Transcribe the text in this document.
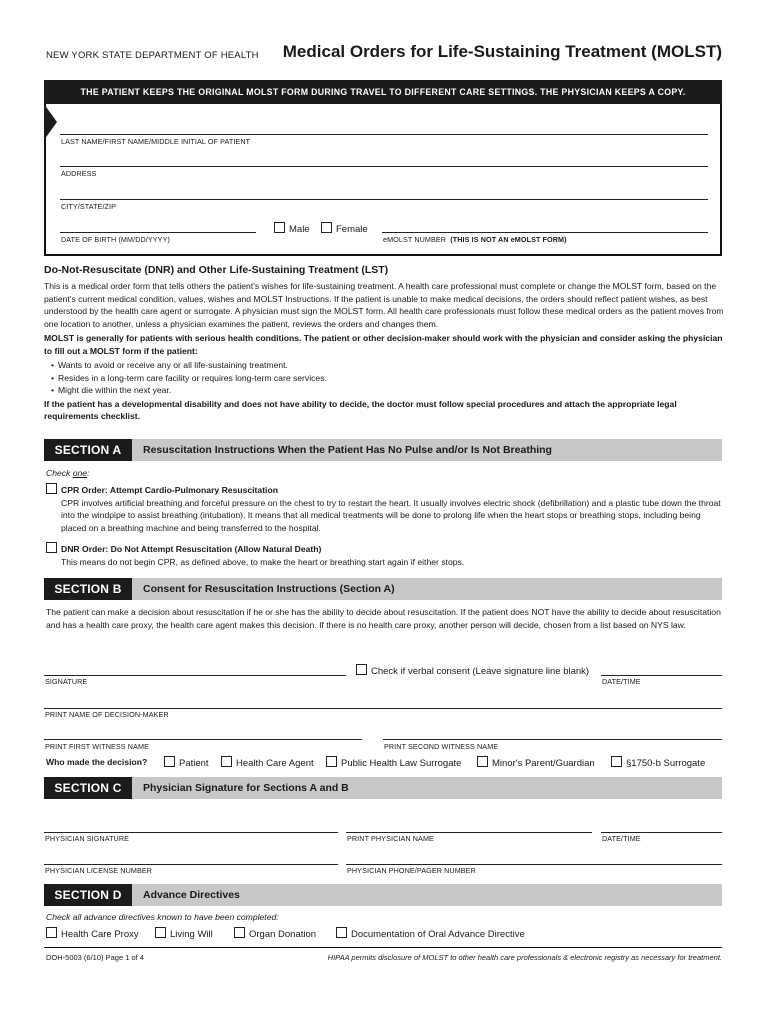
NEW YORK STATE DEPARTMENT OF HEALTH Medical Orders for Life-Sustaining Treatment (MOLST)
THE PATIENT KEEPS THE ORIGINAL MOLST FORM DURING TRAVEL TO DIFFERENT CARE SETTINGS. THE PHYSICIAN KEEPS A COPY.
LAST NAME/FIRST NAME/MIDDLE INITIAL OF PATIENT
ADDRESS
CITY/STATE/ZIP
DATE OF BIRTH (MM/DD/YYYY)
Male	Female
eMOLST NUMBER (THIS IS NOT AN eMOLST FORM)
Do-Not-Resuscitate (DNR) and Other Life-Sustaining Treatment (LST)
This is a medical order form that tells others the patient's wishes for life-sustaining treatment. A health care professional must complete or change the MOLST form, based on the patient's current medical condition, values, wishes and MOLST Instructions. If the patient is unable to make medical decisions, the orders should reflect patient wishes, as best understood by the health care agent or surrogate. A physician must sign the MOLST form. All health care professionals must follow these medical orders as the patient moves from one location to another, unless a physician examines the patient, reviews the orders and changes them.
MOLST is generally for patients with serious health conditions. The patient or other decision-maker should work with the physician and consider asking the physician to fill out a MOLST form if the patient:
• Wants to avoid or receive any or all life-sustaining treatment.
• Resides in a long-term care facility or requires long-term care services.
• Might die within the next year.
If the patient has a developmental disability and does not have ability to decide, the doctor must follow special procedures and attach the appropriate legal requirements checklist.
SECTION A	Resuscitation Instructions When the Patient Has No Pulse and/or Is Not Breathing
Check one:
CPR Order: Attempt Cardio-Pulmonary Resuscitation
CPR involves artificial breathing and forceful pressure on the chest to try to restart the heart. It usually involves electric shock (defibrillation) and a plastic tube down the throat into the windpipe to assist breathing (intubation). It means that all medical treatments will be done to prolong life when the heart stops or breathing stops, including being placed on a breathing machine and being transferred to the hospital.
DNR Order: Do Not Attempt Resuscitation (Allow Natural Death)
This means do not begin CPR, as defined above, to make the heart or breathing start again if either stops.
SECTION B	Consent for Resuscitation Instructions (Section A)
The patient can make a decision about resuscitation if he or she has the ability to decide about resuscitation. If the patient does NOT have the ability to decide about resuscitation and has a health care proxy, the health care agent makes this decision. If there is no health care proxy, another person will decide, chosen from a list based on NYS law.
Check if verbal consent (Leave signature line blank)
SIGNATURE	DATE/TIME
PRINT NAME OF DECISION-MAKER
PRINT FIRST WITNESS NAME	PRINT SECOND WITNESS NAME
Who made the decision?	Patient	Health Care Agent	Public Health Law Surrogate	Minor's Parent/Guardian	§1750-b Surrogate
SECTION C	Physician Signature for Sections A and B
PHYSICIAN SIGNATURE	PRINT PHYSICIAN NAME	DATE/TIME
PHYSICIAN LICENSE NUMBER	PHYSICIAN PHONE/PAGER NUMBER
SECTION D	Advance Directives
Check all advance directives known to have been completed:
Health Care Proxy	Living Will	Organ Donation	Documentation of Oral Advance Directive
DOH-5003 (6/10) Page 1 of 4	HIPAA permits disclosure of MOLST to other health care professionals & electronic registry as necessary for treatment.
